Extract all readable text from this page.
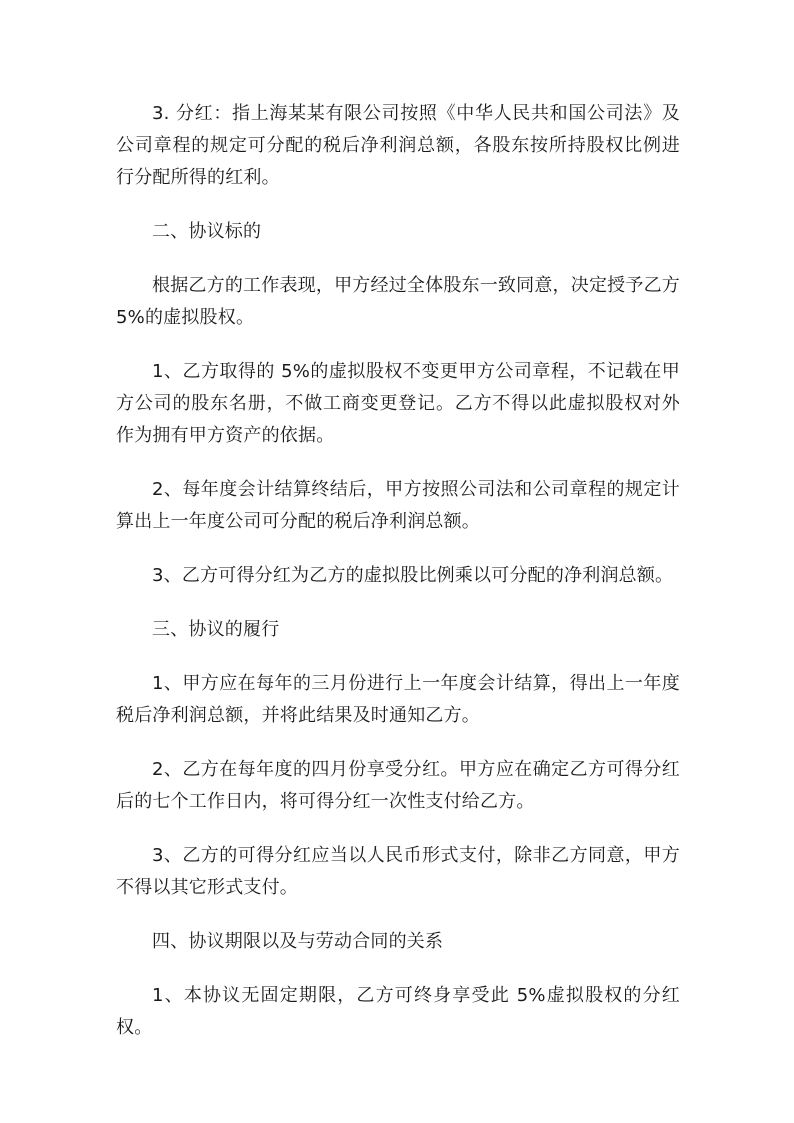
3. 分红：指上海某某有限公司按照《中华人民共和国公司法》及公司章程的规定可分配的税后净利润总额，各股东按所持股权比例进行分配所得的红利。

二、协议标的

根据乙方的工作表现，甲方经过全体股东一致同意，决定授予乙方 5%的虚拟股权。

1、乙方取得的 5%的虚拟股权不变更甲方公司章程，不记载在甲方公司的股东名册，不做工商变更登记。乙方不得以此虚拟股权对外作为拥有甲方资产的依据。

2、每年度会计结算终结后，甲方按照公司法和公司章程的规定计算出上一年度公司可分配的税后净利润总额。

3、乙方可得分红为乙方的虚拟股比例乘以可分配的净利润总额。

三、协议的履行

1、甲方应在每年的三月份进行上一年度会计结算，得出上一年度税后净利润总额，并将此结果及时通知乙方。

2、乙方在每年度的四月份享受分红。甲方应在确定乙方可得分红后的七个工作日内，将可得分红一次性支付给乙方。

3、乙方的可得分红应当以人民币形式支付，除非乙方同意，甲方不得以其它形式支付。

四、协议期限以及与劳动合同的关系

1、本协议无固定期限，乙方可终身享受此 5%虚拟股权的分红权。
